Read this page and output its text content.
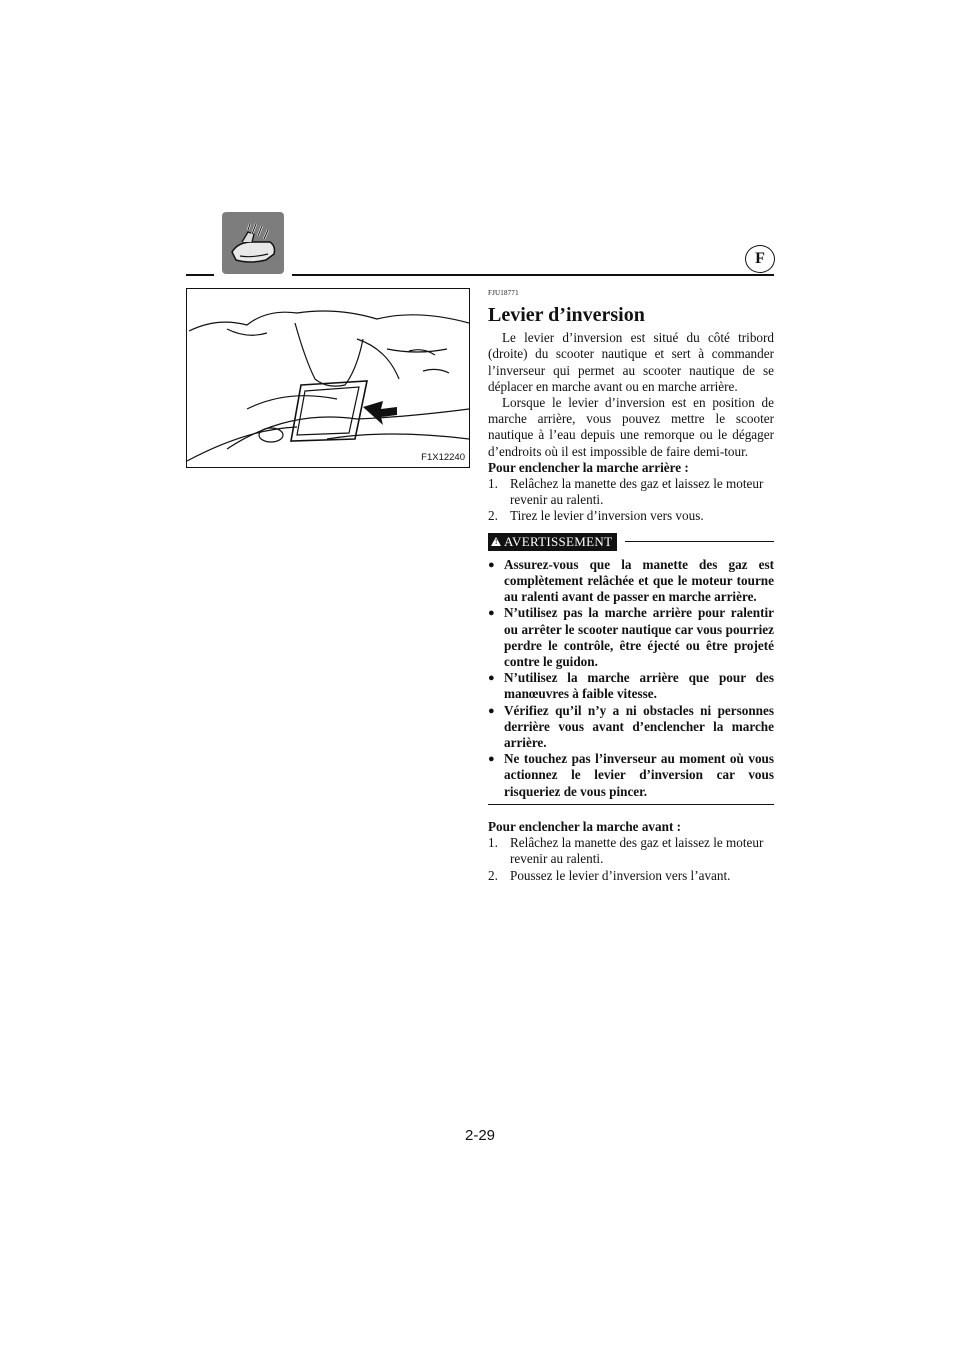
F
F1X12240
FJU18771
Levier d’inversion

Le levier d’inversion est situé du côté tribord (droite) du scooter nautique et sert à commander l’inverseur qui permet au scooter nautique de se déplacer en marche avant ou en marche arrière.

Lorsque le levier d’inversion est en position de marche arrière, vous pouvez mettre le scooter nautique à l’eau depuis une remorque ou le dégager d’endroits où il est impossible de faire demi-tour.

Pour enclencher la marche arrière :
1. Relâchez la manette des gaz et laissez le moteur revenir au ralenti.
2. Tirez le levier d’inversion vers vous.
! AVERTISSEMENT
● Assurez-vous que la manette des gaz est complètement relâchée et que le moteur tourne au ralenti avant de passer en marche arrière.
● N’utilisez pas la marche arrière pour ralentir ou arrêter le scooter nautique car vous pourriez perdre le contrôle, être éjecté ou être projeté contre le guidon.
● N’utilisez la marche arrière que pour des manœuvres à faible vitesse.
● Vérifiez qu’il n’y a ni obstacles ni personnes derrière vous avant d’enclencher la marche arrière.
● Ne touchez pas l’inverseur au moment où vous actionnez le levier d’inversion car vous risqueriez de vous pincer.
Pour enclencher la marche avant :
1. Relâchez la manette des gaz et laissez le moteur revenir au ralenti.
2. Poussez le levier d’inversion vers l’avant.
2-29
